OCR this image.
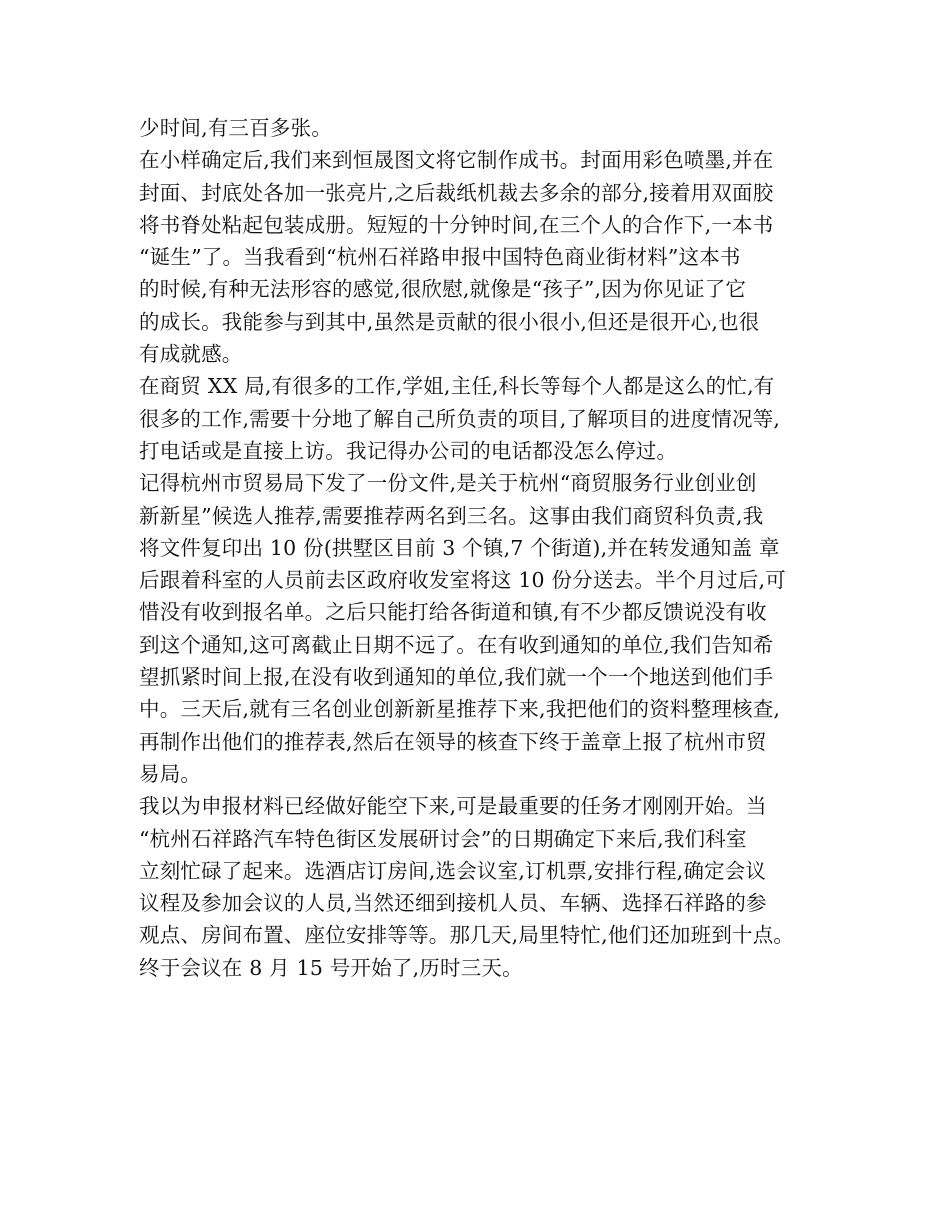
少时间,有三百多张。
在小样确定后,我们来到恒晟图文将它制作成书。封面用彩色喷墨,并在
封面、封底处各加一张亮片,之后裁纸机裁去多余的部分,接着用双面胶
将书脊处粘起包装成册。短短的十分钟时间,在三个人的合作下,一本书
“诞生”了。当我看到“杭州石祥路申报中国特色商业街材料”这本书
的时候,有种无法形容的感觉,很欣慰,就像是“孩子”,因为你见证了它
的成长。我能参与到其中,虽然是贡献的很小很小,但还是很开心,也很
有成就感。
在商贸 XX 局,有很多的工作,学姐,主任,科长等每个人都是这么的忙,有
很多的工作,需要十分地了解自己所负责的项目,了解项目的进度情况等,
打电话或是直接上访。我记得办公司的电话都没怎么停过。
记得杭州市贸易局下发了一份文件,是关于杭州“商贸服务行业创业创
新新星”候选人推荐,需要推荐两名到三名。这事由我们商贸科负责,我
将文件复印出 10 份(拱墅区目前 3 个镇,7 个街道),并在转发通知盖 章
后跟着科室的人员前去区政府收发室将这 10 份分送去。半个月过后,可
惜没有收到报名单。之后只能打给各街道和镇,有不少都反馈说没有收
到这个通知,这可离截止日期不远了。在有收到通知的单位,我们告知希
望抓紧时间上报,在没有收到通知的单位,我们就一个一个地送到他们手
中。三天后,就有三名创业创新新星推荐下来,我把他们的资料整理核查,
再制作出他们的推荐表,然后在领导的核查下终于盖章上报了杭州市贸
易局。
我以为申报材料已经做好能空下来,可是最重要的任务才刚刚开始。当
“杭州石祥路汽车特色街区发展研讨会”的日期确定下来后,我们科室
立刻忙碌了起来。选酒店订房间,选会议室,订机票,安排行程,确定会议
议程及参加会议的人员,当然还细到接机人员、车辆、选择石祥路的参
观点、房间布置、座位安排等等。那几天,局里特忙,他们还加班到十点。
终于会议在 8 月 15 号开始了,历时三天。
